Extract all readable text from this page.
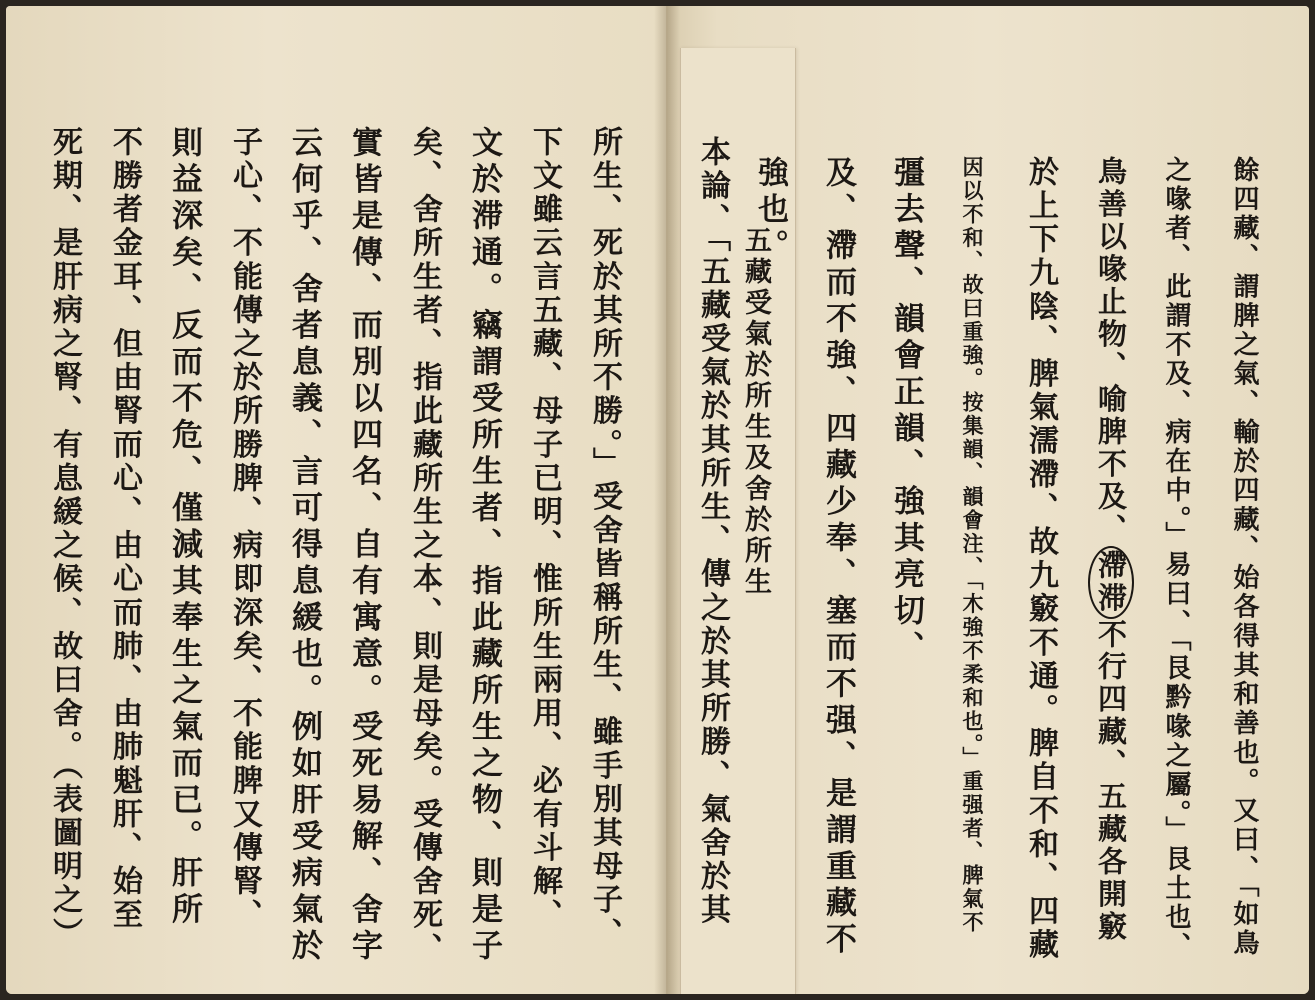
餘四藏、謂脾之氣、輸於四藏、始各得其和善也。又曰、「如鳥
之喙者、此謂不及、病在中。」易曰、「艮黔喙之屬。」艮土也、
鳥善以喙止物、喻脾不及、滯滞不行四藏、五藏各開竅
於上下九陰、脾氣濡滯、故九竅不通。脾自不和、四藏
因以不和、故曰重強。按集韻、韻會注、「木強不柔和也。」重强者、脾氣不
彊去聲、韻會正韻、強其亮切、
及、滯而不強、四藏少奉、塞而不强、是謂重藏不
強也。
五藏受氣於所生及舍於所生
本論、「五藏受氣於其所生、傳之於其所勝、氣舍於其
所生、死於其所不勝。」受舍皆稱所生、雖手別其母子、
下文雖云言五藏、母子已明、惟所生兩用、必有斗解、
文於滞通。竊謂受所生者、指此藏所生之物、則是子
矣、舍所生者、指此藏所生之本、則是母矣。受傳舍死、
實皆是傳、而別以四名、自有寓意。受死易解、舍字
云何乎、舍者息義、言可得息緩也。例如肝受病氣於
子心、不能傳之於所勝脾、病即深矣、不能脾又傳腎、
則益深矣、反而不危、僅減其奉生之氣而已。肝所
不勝者金耳、但由腎而心、由心而肺、由肺魁肝、始至
死期、是肝病之腎、有息緩之候、故曰舍。（表圖明之）
